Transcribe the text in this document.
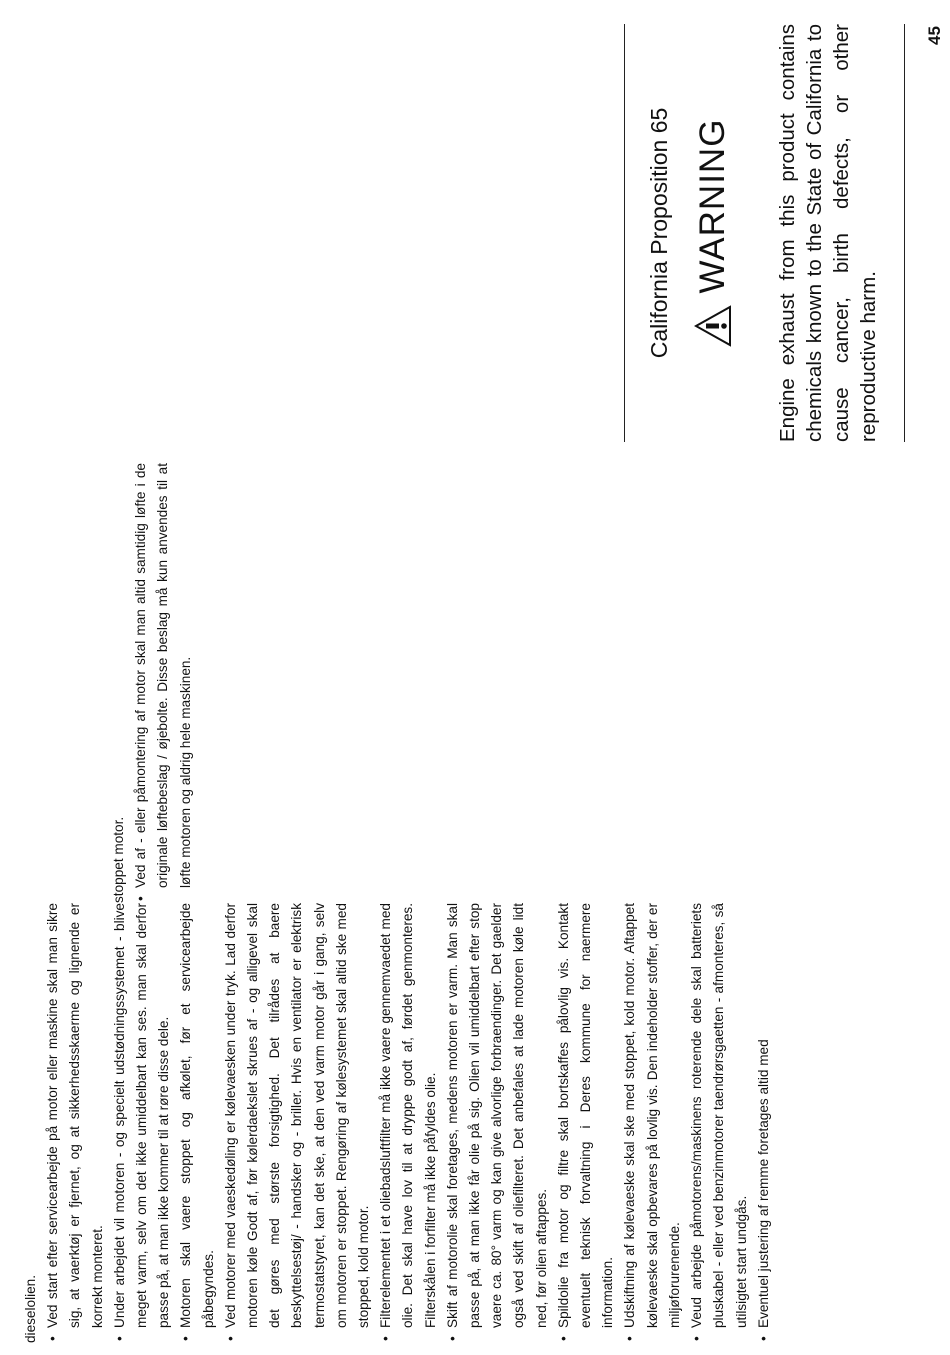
dieselolien. • Ved start efter servicearbejde på motor eller maskine skal man sikre sig, at vaerktøj er fjernet, og at sikkerhedsskaerme og lignende er korrekt monteret. • Under arbejdet vil motoren - og specielt udstødningssystemet - blive meget varm, selv om det ikke umiddelbart kan ses. man skal derfor passe på, at man ikke kommer til at røre disse dele. • Motoren skal vaere stoppet og afkølet, før et servicearbejde påbegyndes. • Ved motorer med vaeskedøling er kølevaesken under tryk. Lad derfor motoren køle Godt af, før kølerdaekslet skrues af - og alligevel skal det gøres med største forsigtighed. Det tilrådes at baere beskyttelsestøj/ - handsker og - briller. Hvis en ventilator er elektrisk termostatstyret, kan det ske, at den ved varm motor går i gang, selv om motoren er stoppet. Rengøring af kølesystemet skal altid ske med stopped, kold motor. • Filterelementet i et oliebadsluftfilter må ikke vaere gennemvaedet med olie. Det skal have lov til at dryppe godt af, førdet genmonteres. Filterskålen i forfilter må ikke påfyldes olie. • Skift af motorolie skal foretages, medens motoren er varm. Man skal passe på, at man ikke får olie på sig. Olien vil umiddelbart efter stop vaere ca. 80° varm og kan give alvorlige forbraendinger. Det gaelder også ved skift af oliefilteret. Det anbefales at lade motoren køle lidt ned, før olien aftappes. • Spildolie fra motor og filtre skal bortskaffes pålovlig vis. Kontakt eventuelt teknisk forvaltning i Deres kommune for naermere information. • Udskiftning af kølevaeske skal ske med stoppet, kold motor. Aftappet kølevaeske skal opbevares på lovlig vis. Den indeholder stoffer, der er miljøforurenende. • Veud arbejde påmotorens/maskinens roterende dele skal batteriets pluskabel - eller ved benzinmotorer taendrørsgaetten - afmonteres, så utilsigtet start undgås. • Eventuel justering af remme foretages altid med

stoppet motor. • Ved af - eller påmontering af motor skal man altid samtidig løfte i de originale løftebeslag / øjebolte. Disse beslag må kun anvendes til at løfte motoren og aldrig hele maskinen.
California Proposition 65 WARNING Engine exhaust from this product contains chemicals known to the State of California to cause cancer, birth defects, or other reproductive harm.
45
